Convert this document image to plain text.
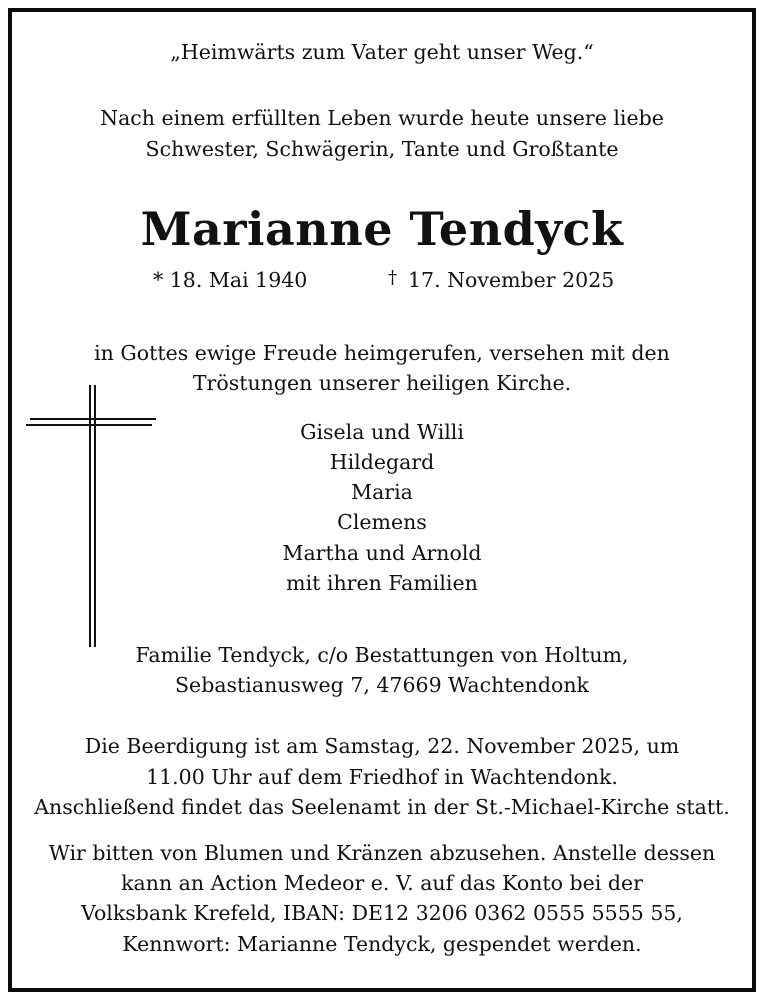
„Heimwärts zum Vater geht unser Weg.“
Nach einem erfüllten Leben wurde heute unsere liebe
Schwester, Schwägerin, Tante und Großtante
Marianne Tendyck
* 18. Mai 1940	† 17. November 2025
in Gottes ewige Freude heimgerufen, versehen mit den
Tröstungen unserer heiligen Kirche.
Gisela und Willi
Hildegard
Maria
Clemens
Martha und Arnold
mit ihren Familien
Familie Tendyck, c/o Bestattungen von Holtum,
Sebastianusweg 7, 47669 Wachtendonk
Die Beerdigung ist am Samstag, 22. November 2025, um
11.00 Uhr auf dem Friedhof in Wachtendonk.
Anschließend findet das Seelenamt in der St.-Michael-Kirche statt.
Wir bitten von Blumen und Kränzen abzusehen. Anstelle dessen
kann an Action Medeor e. V. auf das Konto bei der
Volksbank Krefeld, IBAN: DE12 3206 0362 0555 5555 55,
Kennwort: Marianne Tendyck, gespendet werden.
